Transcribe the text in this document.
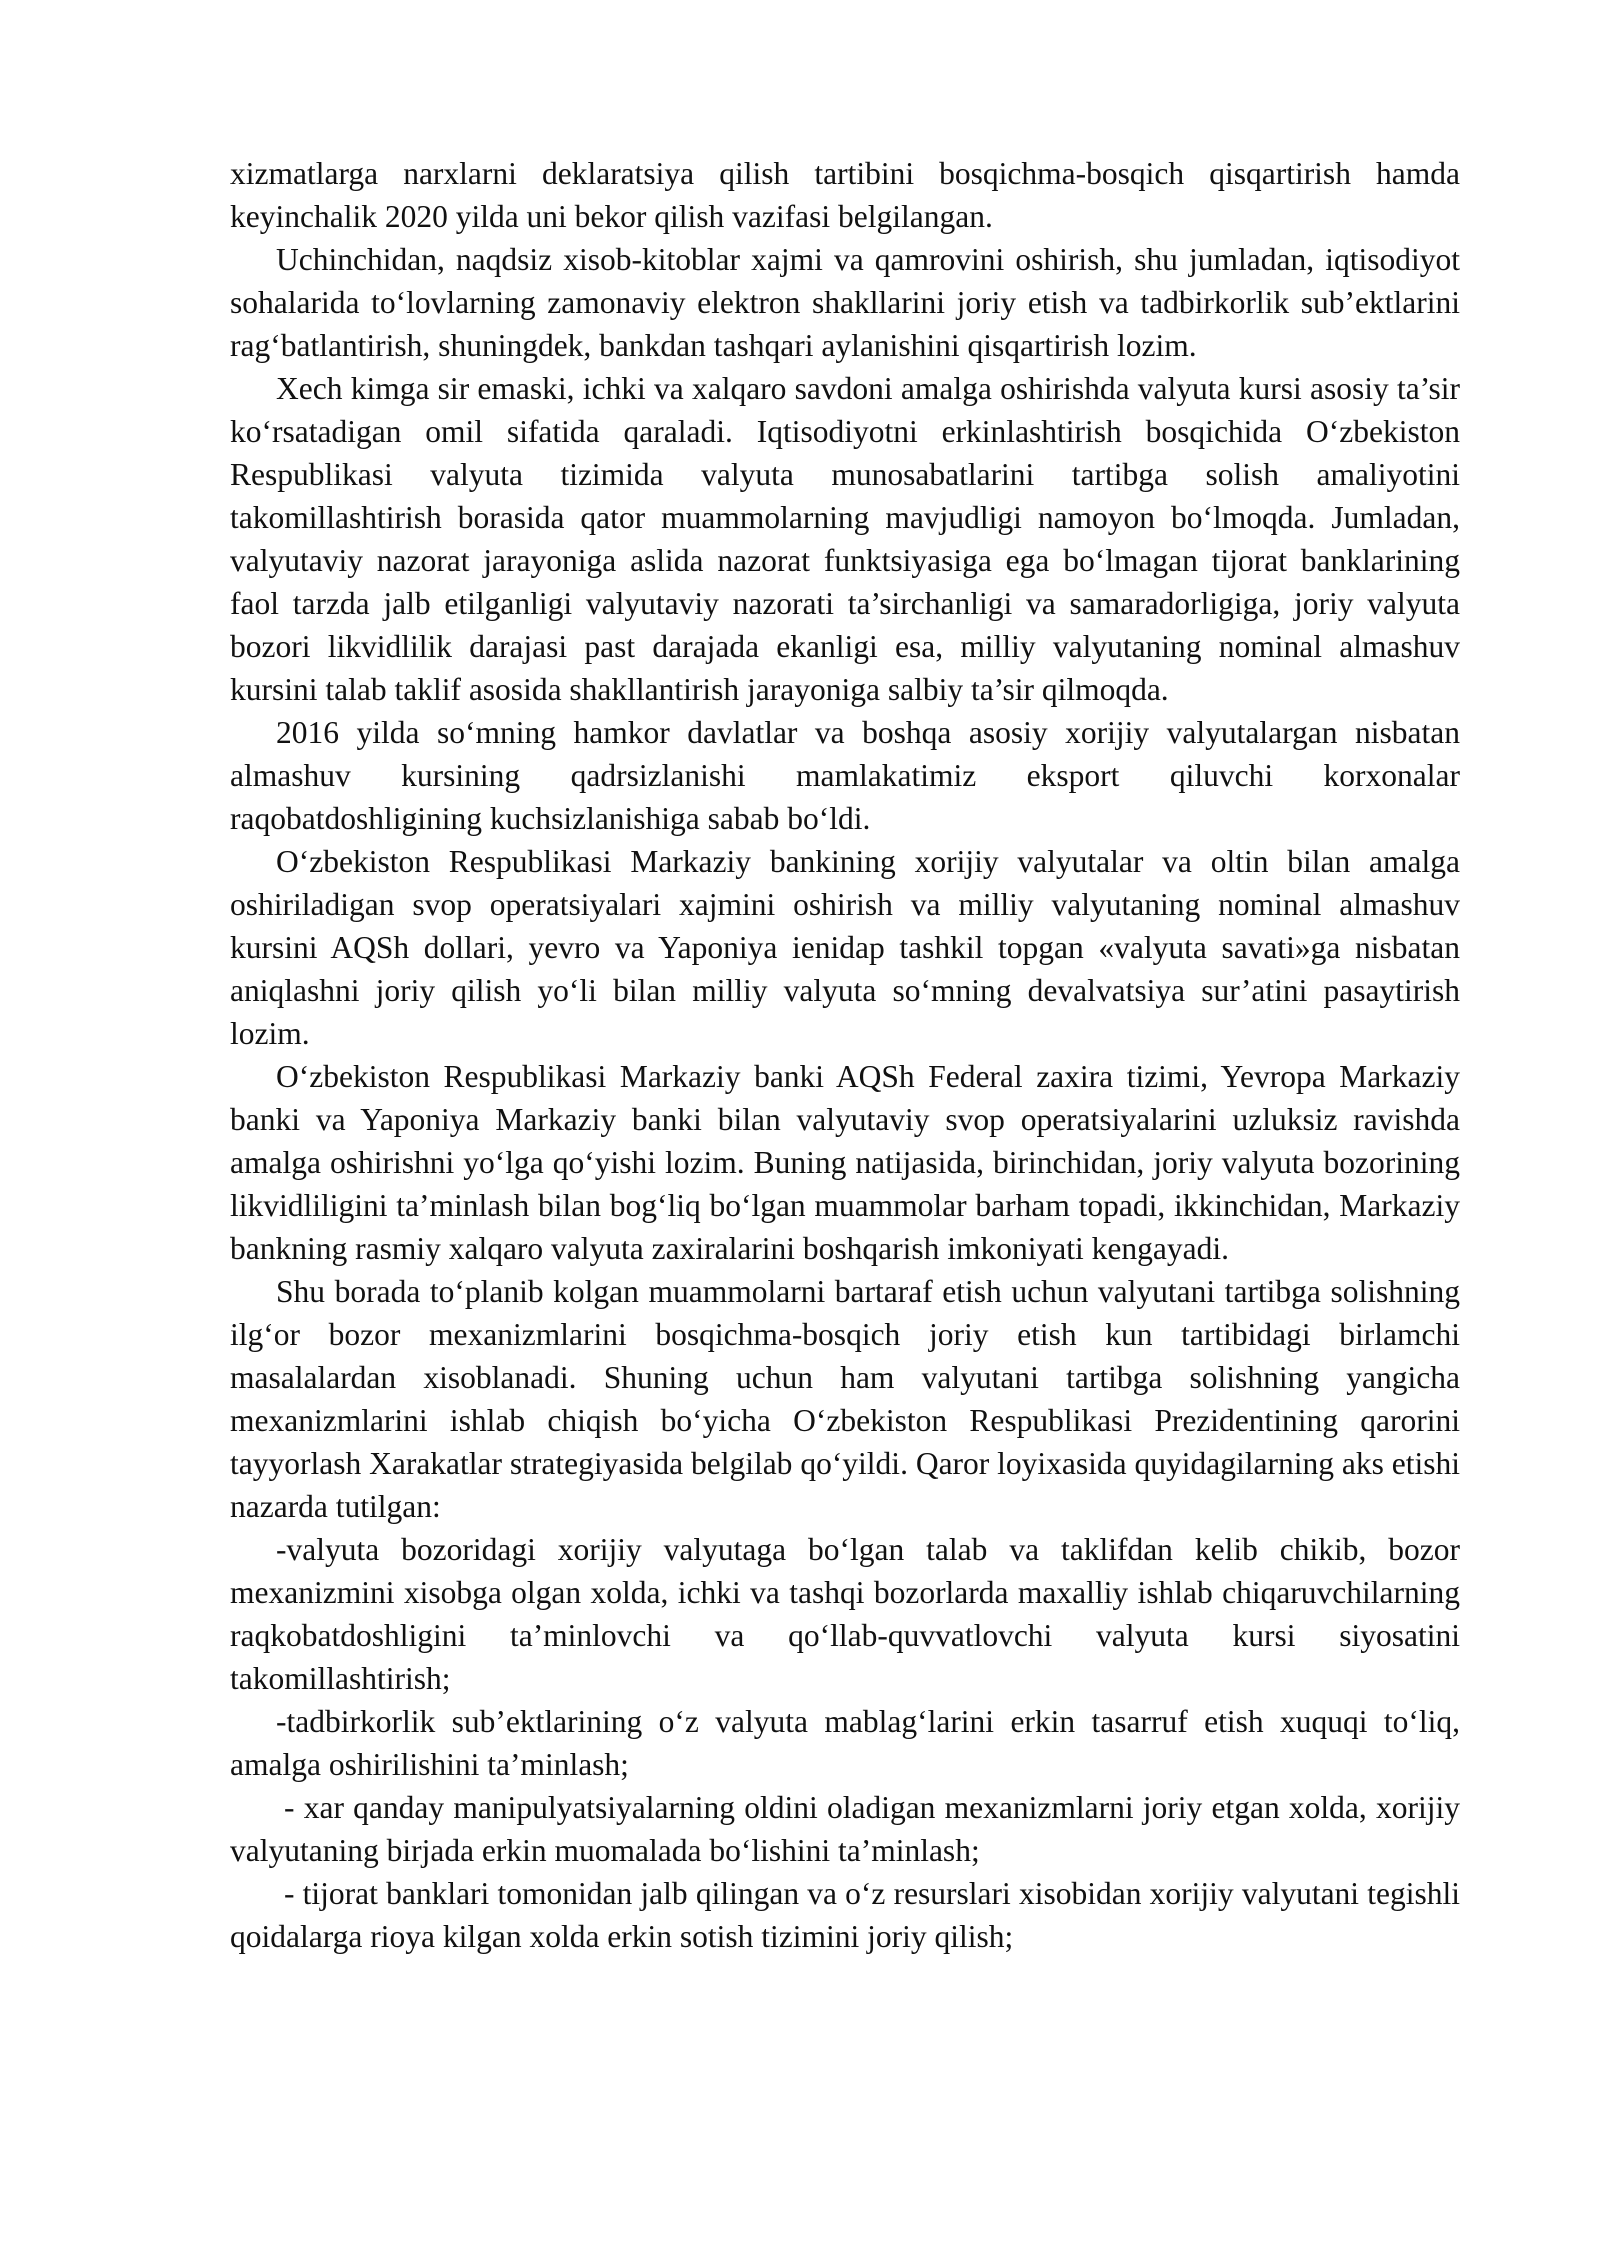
xizmatlarga narxlarni deklaratsiya qilish tartibini bosqichma-bosqich qisqartirish hamda keyinchalik 2020 yilda uni bekor qilish vazifasi belgilangan.

Uchinchidan, naqdsiz xisob-kitoblar xajmi va qamrovini oshirish, shu jumladan, iqtisodiyot sohalarida to‘lovlarning zamonaviy elektron shakllarini joriy etish va tadbirkorlik sub’ektlarini rag‘batlantirish, shuningdek, bankdan tashqari aylanishini qisqartirish lozim.

Xech kimga sir emaski, ichki va xalqaro savdoni amalga oshirishda valyuta kursi asosiy ta’sir ko‘rsatadigan omil sifatida qaraladi. Iqtisodiyotni erkinlashtirish bosqichida O‘zbekiston Respublikasi valyuta tizimida valyuta munosabatlarini tartibga solish amaliyotini takomillashtirish borasida qator muammolarning mavjudligi namoyon bo‘lmoqda. Jumladan, valyutaviy nazorat jarayoniga aslida nazorat funktsiyasiga ega bo‘lmagan tijorat banklarining faol tarzda jalb etilganligi valyutaviy nazorati ta’sirchanligi va samaradorligiga, joriy valyuta bozori likvidlilik darajasi past darajada ekanligi esa, milliy valyutaning nominal almashuv kursini talab taklif asosida shakllantirish jarayoniga salbiy ta’sir qilmoqda.

2016 yilda so‘mning hamkor davlatlar va boshqa asosiy xorijiy valyutalargan nisbatan almashuv kursining qadrsizlanishi mamlakatimiz eksport qiluvchi korxonalar raqobatdoshligining kuchsizlanishiga sabab bo‘ldi.

O‘zbekiston Respublikasi Markaziy bankining xorijiy valyutalar va oltin bilan amalga oshiriladigan svop operatsiyalari xajmini oshirish va milliy valyutaning nominal almashuv kursini AQSh dollari, yevro va Yaponiya ienidap tashkil topgan «valyuta savati»ga nisbatan aniqlashni joriy qilish yo‘li bilan milliy valyuta so‘mning devalvatsiya sur’atini pasaytirish lozim.

O‘zbekiston Respublikasi Markaziy banki AQSh Federal zaxira tizimi, Yevropa Markaziy banki va Yaponiya Markaziy banki bilan valyutaviy svop operatsiyalarini uzluksiz ravishda amalga oshirishni yo‘lga qo‘yishi lozim. Buning natijasida, birinchidan, joriy valyuta bozorining likvidliligini ta’minlash bilan bog‘liq bo‘lgan muammolar barham topadi, ikkinchidan, Markaziy bankning rasmiy xalqaro valyuta zaxiralarini boshqarish imkoniyati kengayadi.

Shu borada to‘planib kolgan muammolarni bartaraf etish uchun valyutani tartibga solishning ilg‘or bozor mexanizmlarini bosqichma-bosqich joriy etish kun tartibidagi birlamchi masalalardan xisoblanadi. Shuning uchun ham valyutani tartibga solishning yangicha mexanizmlarini ishlab chiqish bo‘yicha O‘zbekiston Respublikasi Prezidentining qarorini tayyorlash Xarakatlar strategiyasida belgilab qo‘yildi. Qaror loyixasida quyidagilarning aks etishi nazarda tutilgan:

-valyuta bozoridagi xorijiy valyutaga bo‘lgan talab va taklifdan kelib chikib, bozor mexanizmini xisobga olgan xolda, ichki va tashqi bozorlarda maxalliy ishlab chiqaruvchilarning raqkobatdoshligini ta’minlovchi va qo‘llab-quvvatlovchi valyuta kursi siyosatini takomillashtirish;

-tadbirkorlik sub’ektlarining o‘z valyuta mablag‘larini erkin tasarruf etish xuquqi to‘liq, amalga oshirilishini ta’minlash;

- xar qanday manipulyatsiyalarning oldini oladigan mexanizmlarni joriy etgan xolda, xorijiy valyutaning birjada erkin muomalada bo‘lishini ta’minlash;

- tijorat banklari tomonidan jalb qilingan va o‘z resurslari xisobidan xorijiy valyutani tegishli qoidalarga rioya kilgan xolda erkin sotish tizimini joriy qilish;
